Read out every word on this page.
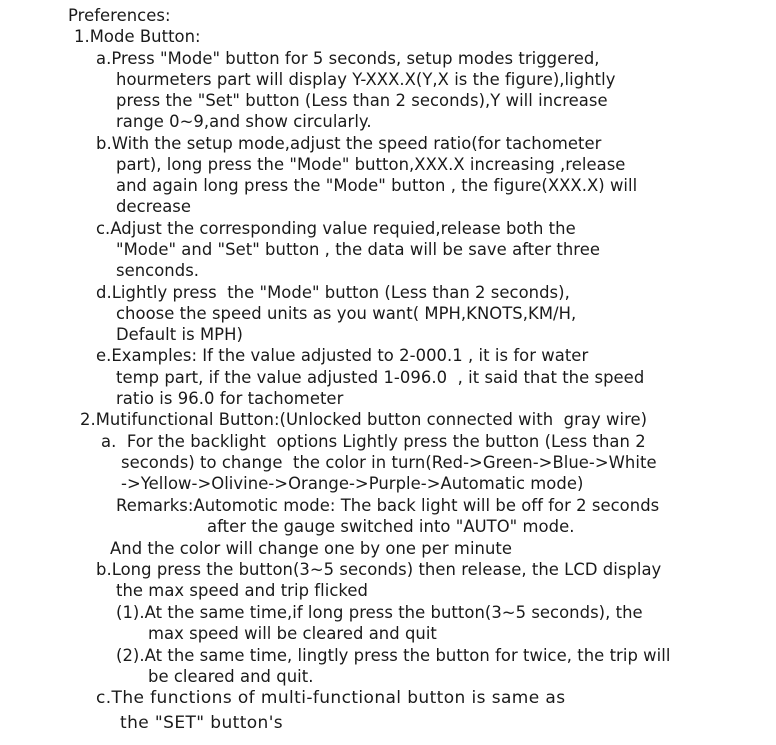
Preferences:
1.Mode Button:
a.Press "Mode" button for 5 seconds, setup modes triggered,
hourmeters part will display Y-XXX.X(Y,X is the figure),lightly
press the "Set" button (Less than 2 seconds),Y will increase
range 0~9,and show circularly.
b.With the setup mode,adjust the speed ratio(for tachometer
part), long press the "Mode" button,XXX.X increasing ,release
and again long press the "Mode" button , the figure(XXX.X) will
decrease
c.Adjust the corresponding value requied,release both the
"Mode" and "Set" button , the data will be save after three
senconds.
d.Lightly press  the "Mode" button (Less than 2 seconds),
choose the speed units as you want( MPH,KNOTS,KM/H,
Default is MPH)
e.Examples: If the value adjusted to 2-000.1 , it is for water
temp part, if the value adjusted 1-096.0  , it said that the speed
ratio is 96.0 for tachometer
2.Mutifunctional Button:(Unlocked button connected with  gray wire)
a.  For the backlight  options Lightly press the button (Less than 2
seconds) to change  the color in turn(Red->Green->Blue->White
->Yellow->Olivine->Orange->Purple->Automatic mode)
Remarks:Automotic mode: The back light will be off for 2 seconds
after the gauge switched into "AUTO" mode.
And the color will change one by one per minute
b.Long press the button(3~5 seconds) then release, the LCD display
the max speed and trip flicked
(1).At the same time,if long press the button(3~5 seconds), the
max speed will be cleared and quit
(2).At the same time, lingtly press the button for twice, the trip will
be cleared and quit.
c.The functions of multi-functional button is same as
the "SET" button's
